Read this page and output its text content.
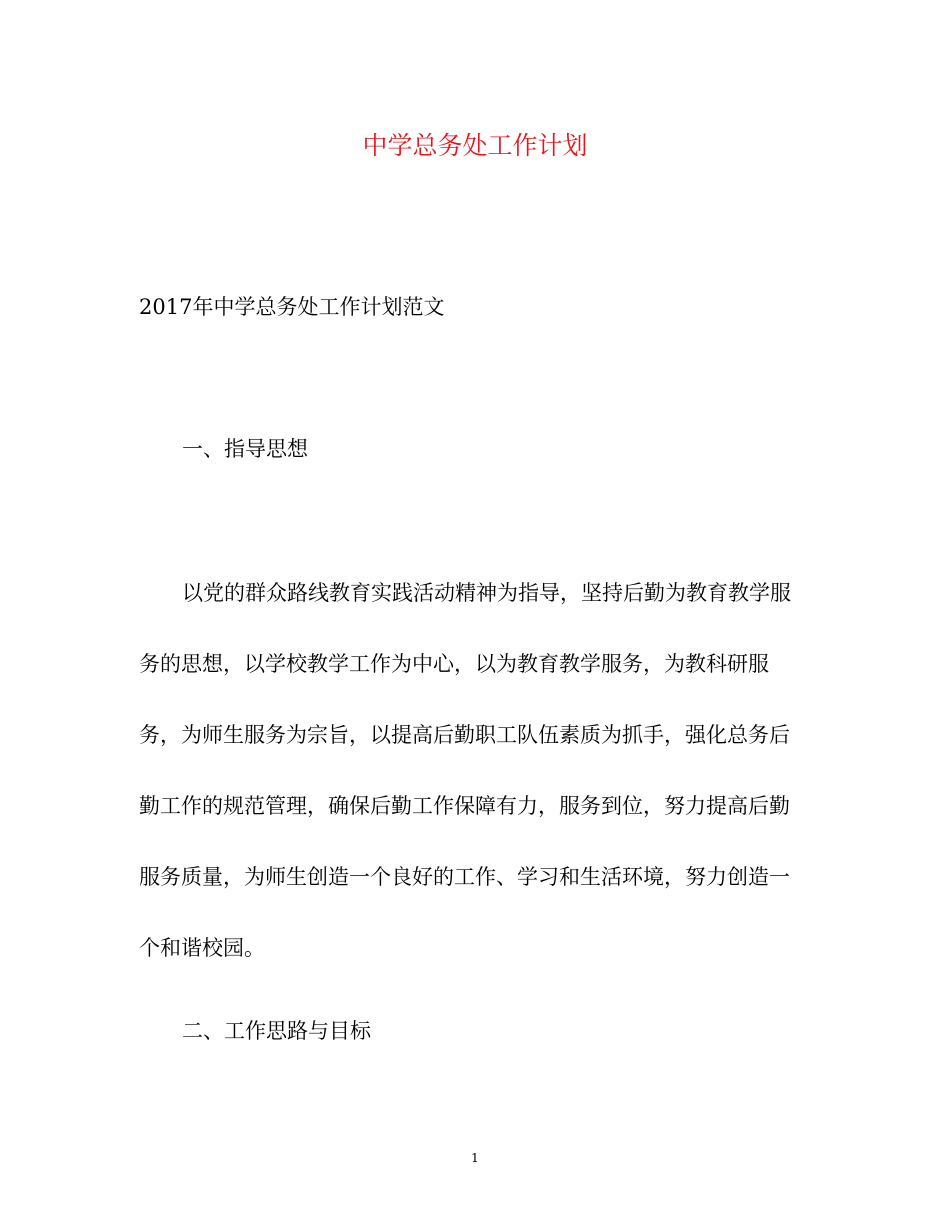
中学总务处工作计划
2017年中学总务处工作计划范文
一、指导思想
以党的群众路线教育实践活动精神为指导，坚持后勤为教育教学服
务的思想，以学校教学工作为中心，以为教育教学服务，为教科研服
务，为师生服务为宗旨，以提高后勤职工队伍素质为抓手，强化总务后
勤工作的规范管理，确保后勤工作保障有力，服务到位，努力提高后勤
服务质量，为师生创造一个良好的工作、学习和生活环境，努力创造一
个和谐校园。
二、工作思路与目标
1
